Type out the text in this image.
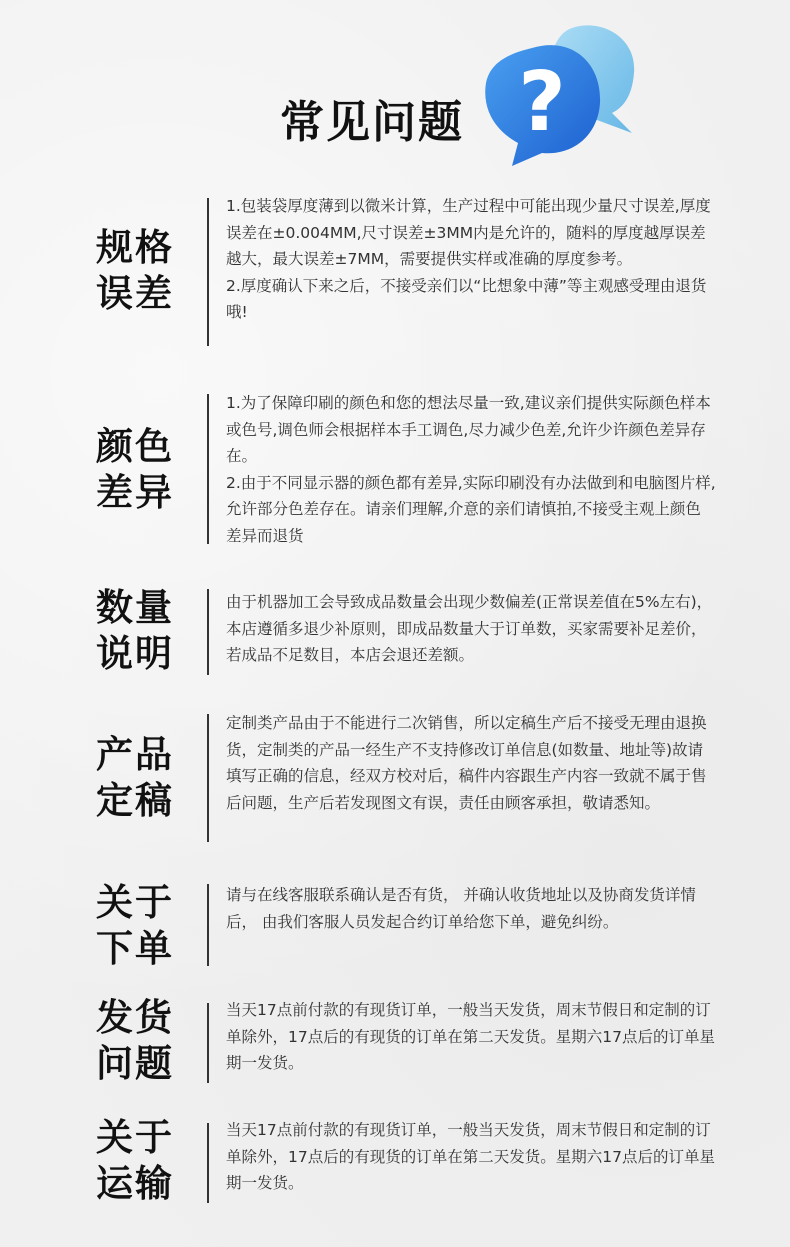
常见问题 ?
规格
误差

1.包装袋厚度薄到以微米计算，生产过程中可能出现少量尺寸误差,厚度误差在±0.004MM,尺寸误差±3MM内是允许的，随料的厚度越厚误差越大，最大误差±7MM，需要提供实样或准确的厚度参考。

2.厚度确认下来之后，不接受亲们以“比想象中薄”等主观感受理由退货哦!

颜色
差异

1.为了保障印刷的颜色和您的想法尽量一致,建议亲们提供实际颜色样本或色号,调色师会根据样本手工调色,尽力减少色差,允许少许颜色差异存在。

2.由于不同显示器的颜色都有差异,实际印刷没有办法做到和电脑图片样,允许部分色差存在。请亲们理解,介意的亲们请慎拍,不接受主观上颜色差异而退货

数量
说明

由于机器加工会导致成品数量会出现少数偏差(正常误差值在5%左右)，本店遵循多退少补原则，即成品数量大于订单数，买家需要补足差价，若成品不足数目，本店会退还差额。

产品
定稿

定制类产品由于不能进行二次销售，所以定稿生产后不接受无理由退换货，定制类的产品一经生产不支持修改订单信息(如数量、地址等)故请填写正确的信息，经双方校对后，稿件内容跟生产内容一致就不属于售后问题，生产后若发现图文有误，责任由顾客承担，敬请悉知。

关于
下单

请与在线客服联系确认是否有货， 并确认收货地址以及协商发货详情后， 由我们客服人员发起合约订单给您下单，避免纠纷。

发货
问题

当天17点前付款的有现货订单，一般当天发货，周末节假日和定制的订单除外，17点后的有现货的订单在第二天发货。星期六17点后的订单星期一发货。

关于
运输

当天17点前付款的有现货订单，一般当天发货，周末节假日和定制的订单除外，17点后的有现货的订单在第二天发货。星期六17点后的订单星期一发货。
